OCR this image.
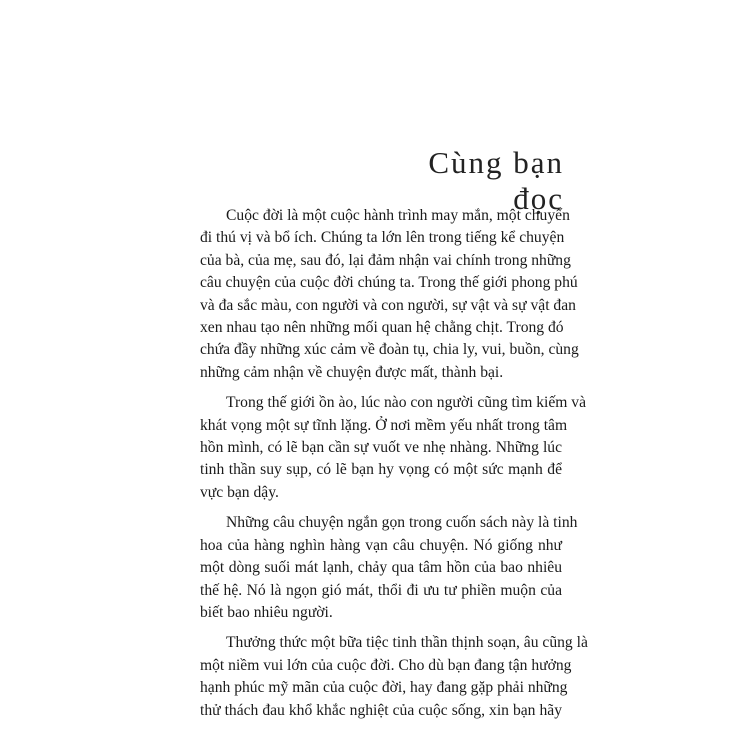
Cùng bạn đọc
Cuộc đời là một cuộc hành trình may mắn, một chuyến
đi thú vị và bổ ích. Chúng ta lớn lên trong tiếng kể chuyện
của bà, của mẹ, sau đó, lại đảm nhận vai chính trong những
câu chuyện của cuộc đời chúng ta. Trong thế giới phong phú
và đa sắc màu, con người và con người, sự vật và sự vật đan
xen nhau tạo nên những mối quan hệ chằng chịt. Trong đó
chứa đầy những xúc cảm về đoàn tụ, chia ly, vui, buồn, cùng
những cảm nhận về chuyện được mất, thành bại.
Trong thế giới ồn ào, lúc nào con người cũng tìm kiếm và
khát vọng một sự tĩnh lặng. Ở nơi mềm yếu nhất trong tâm
hồn mình, có lẽ bạn cần sự vuốt ve nhẹ nhàng. Những lúc
tinh thần suy sụp, có lẽ bạn hy vọng có một sức mạnh để
vực bạn dậy.
Những câu chuyện ngắn gọn trong cuốn sách này là tinh
hoa của hàng nghìn hàng vạn câu chuyện. Nó giống như
một dòng suối mát lạnh, chảy qua tâm hồn của bao nhiêu
thế hệ. Nó là ngọn gió mát, thổi đi ưu tư phiền muộn của
biết bao nhiêu người.
Thưởng thức một bữa tiệc tinh thần thịnh soạn, âu cũng là
một niềm vui lớn của cuộc đời. Cho dù bạn đang tận hưởng
hạnh phúc mỹ mãn của cuộc đời, hay đang gặp phải những
thử thách đau khổ khắc nghiệt của cuộc sống, xin bạn hãy
